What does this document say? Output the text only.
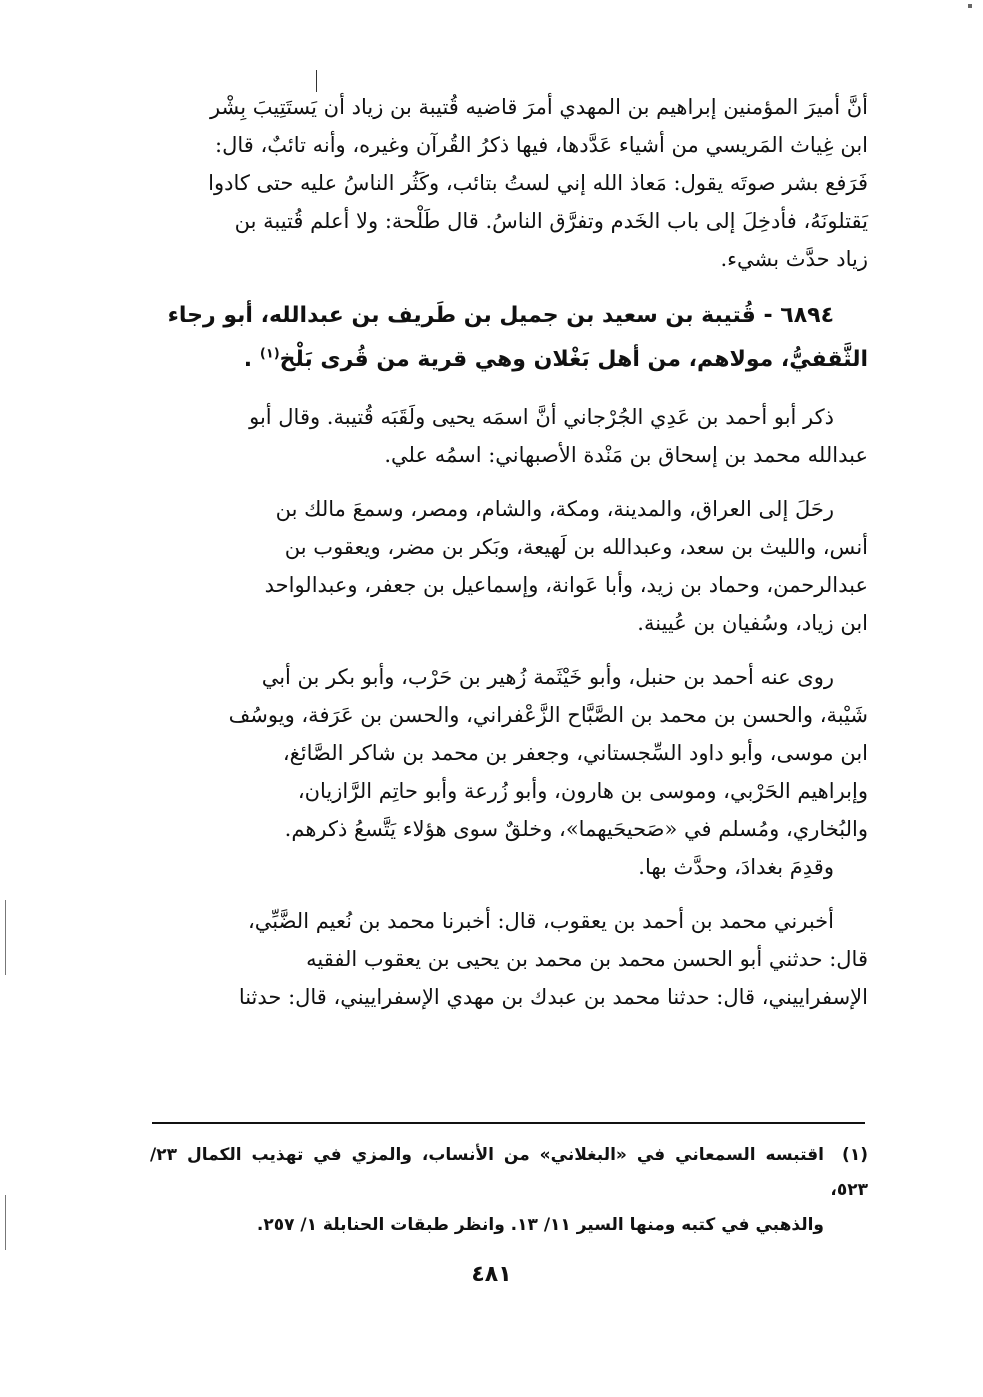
أنَّ أميرَ المؤمنين إبراهيم بن المهدي أمرَ قاضيه قُتيبة بن زياد أن يَستَتِيبَ بِشْر

ابن غِياث المَريسي من أشياء عَدَّدها، فيها ذكرُ القُرآن وغيره، وأنه تائبٌ، قال:

فَرَفع بشر صوتَه يقول: مَعاذ الله إني لستُ بتائب، وكَثُر الناسُ عليه حتى كادوا

يَقتلونَهُ، فأدخِلَ إلى باب الخَدم وتفرَّق الناسُ. قال طَلْحة: ولا أعلم قُتيبة بن

زياد حدَّث بشيء.

٦٨٩٤ - قُتيبة بن سعيد بن جميل بن طَريف بن عبدالله، أبو رجاء

الثَّقفيُّ، مولاهم، من أهل بَغْلان وهي قرية من قُرى بَلْخ$^{(١)}$ .

ذكر أبو أحمد بن عَدِي الجُرْجاني أنَّ اسمَه يحيى ولَقَبَه قُتيبة. وقال أبو

عبدالله محمد بن إسحاق بن مَنْدة الأصبهاني: اسمُه علي.

رحَلَ إلى العراق، والمدينة، ومكة، والشام، ومصر، وسمعَ مالك بن

أنس، والليث بن سعد، وعبدالله بن لَهيعة، وبَكر بن مضر، ويعقوب بن

عبدالرحمن، وحماد بن زيد، وأبا عَوانة، وإسماعيل بن جعفر، وعبدالواحد

ابن زياد، وسُفيان بن عُيينة.

روى عنه أحمد بن حنبل، وأبو خَيْثَمة زُهير بن حَرْب، وأبو بكر بن أبي

شَيْبة، والحسن بن محمد بن الصَّبَّاح الزَّعْفراني، والحسن بن عَرَفة، ويوسُف

ابن موسى، وأبو داود السِّجستاني، وجعفر بن محمد بن شاكر الصَّائغ،

وإبراهيم الحَرْبي، وموسى بن هارون، وأبو زُرعة وأبو حاتِم الرَّازيان،

والبُخاري، ومُسلم في «صَحيحَيهما»، وخلقٌ سوى هؤلاء يَتَّسعُ ذكرهم.

وقدِمَ بغدادَ، وحدَّث بها.

أخبرني محمد بن أحمد بن يعقوب، قال: أخبرنا محمد بن نُعيم الضَّبِّي،

قال: حدثني أبو الحسن محمد بن محمد بن يحيى بن يعقوب الفقيه

الإسفراييني، قال: حدثنا محمد بن عبدك بن مهدي الإسفراييني، قال: حدثنا

(١)اقتبسه السمعاني في «البغلاني» من الأنساب، والمزي في تهذيب الكمال ٢٣/ ٥٢٣،

والذهبي في كتبه ومنها السير ١١/ ١٣. وانظر طبقات الحنابلة ١/ ٢٥٧.

٤٨١
